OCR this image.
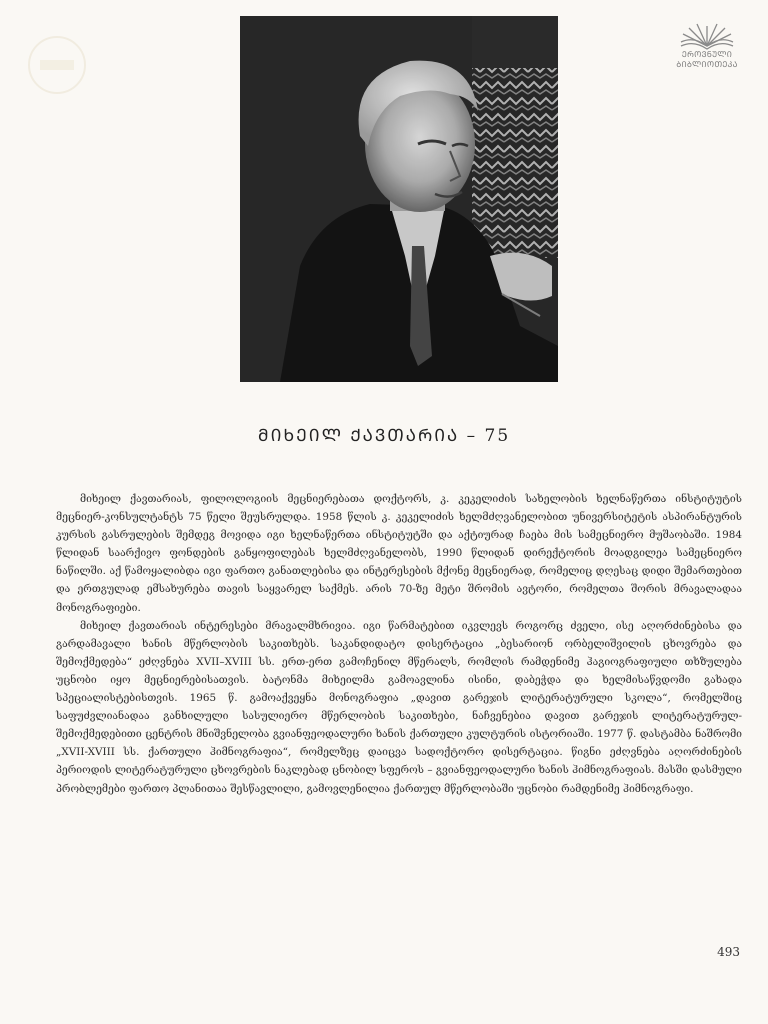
ᲔᲠᲝᲕᲜᲣᲚᲘ
ᲑᲘᲑᲚᲘᲝᲗᲔᲙᲐ
ᲛᲘᲮᲔᲘᲚ ᲥᲐᲕᲗᲐᲠᲘᲐ – 75

მიხეილ ქავთარიას, ფილოლოგიის მეცნიერებათა დოქტორს, კ. კეკელიძის სახელობის ხელნაწერთა ინსტიტუტის მეცნიერ-კონსულტანტს 75 წელი შეუსრულდა. 1958 წლის კ. კეკელიძის ხელმძღვანელობით უნივერსიტეტის ასპირანტურის კურსის გასრულების შემდეგ მოვიდა იგი ხელნაწერთა ინსტიტუტში და აქტიურად ჩაება მის სამეცნიერო მუშაობაში. 1984 წლიდან საარქივო ფონდების განყოფილებას ხელმძღვანელობს, 1990 წლიდან დირექტორის მოადგილეა სამეცნიერო ნაწილში. აქ წამოყალიბდა იგი ფართო განათლებისა და ინტერესების მქონე მეცნიერად, რომელიც დღესაც დიდი შემართებით და ერთგულად ემსახურება თავის საყვარელ საქმეს. არის 70-ზე მეტი შრომის ავტორი, რომელთა შორის მრავალადაა მონოგრაფიები.

მიხეილ ქავთარიას ინტერესები მრავალმხრივია. იგი წარმატებით იკვლევს როგორც ძველი, ისე აღორძინებისა და გარდამავალი ხანის მწერლობის საკითხებს. საკანდიდატო დისერტაცია „ბესარიონ ორბელიშვილის ცხოვრება და შემოქმედება“ ეძღვნება XVII–XVIII სს. ერთ-ერთ გამოჩენილ მწერალს, რომლის რამდენიმე ჰაგიოგრაფიული თხზულება უცნობი იყო მეცნიერებისათვის. ბატონმა მიხეილმა გამოავლინა ისინი, დაბეჭდა და ხელმისაწვდომი გახადა სპეციალისტებისთვის. 1965 წ. გამოაქვეყნა მონოგრაფია „დავით გარეჯის ლიტერატურული სკოლა“, რომელშიც საფუძვლიანადაა განხილული სასულიერო მწერლობის საკითხები, ნაჩვენებია დავით გარეჯის ლიტერატურულ-შემოქმედებითი ცენტრის მნიშვნელობა გვიანფეოდალური ხანის ქართული კულტურის ისტორიაში. 1977 წ. დასტამბა ნაშრომი „XVII-XVIII სს. ქართული ჰიმნოგრაფია“, რომელზეც დაიცვა სადოქტორო დისერტაცია. წიგნი ეძღვნება აღორძინების პერიოდის ლიტერატურული ცხოვრების ნაკლებად ცნობილ სფეროს – გვიანფეოდალური ხანის ჰიმნოგრაფიას. მასში დასმული პრობლემები ფართო პლანითაა შესწავლილი, გამოვლენილია ქართულ მწერლობაში უცნობი რამდენიმე ჰიმნოგრაფი.

493
